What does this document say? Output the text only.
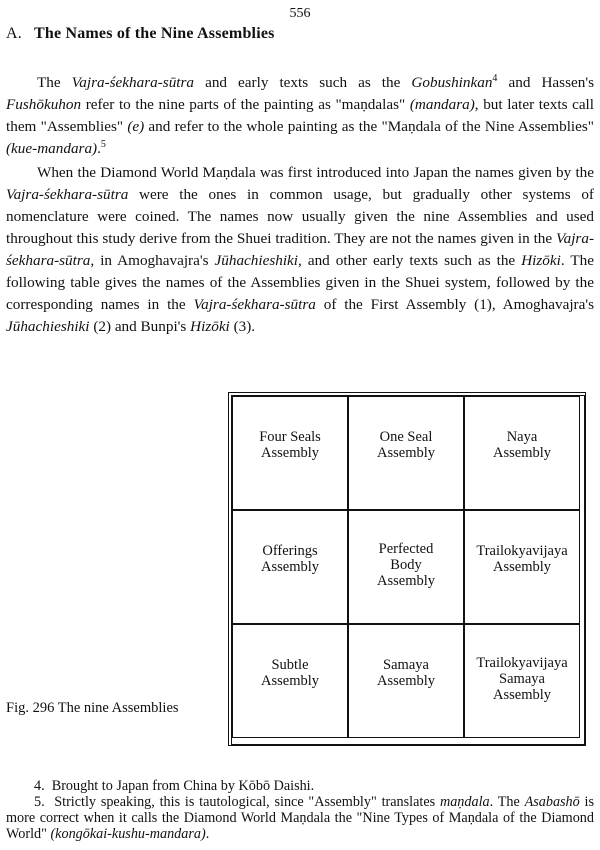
556
A. The Names of the Nine Assemblies

The Vajra-śekhara-sūtra and early texts such as the Gobushinkan$^4$ and Hassen's Fushōkuhon refer to the nine parts of the painting as "maṇdalas" (mandara), but later texts call them "Assemblies" (e) and refer to the whole painting as the "Maṇdala of the Nine Assemblies" (kue-mandara).$^5$

When the Diamond World Maṇdala was first introduced into Japan the names given by the Vajra-śekhara-sūtra were the ones in common usage, but gradually other systems of nomenclature were coined. The names now usually given the nine Assemblies and used throughout this study derive from the Shuei tradition. They are not the names given in the Vajra-śekhara-sūtra, in Amoghavajra's Jūhachieshiki, and other early texts such as the Hizōki. The following table gives the names of the Assemblies given in the Shuei system, followed by the corresponding names in the Vajra-śekhara-sūtra of the First Assembly (1), Amoghavajra's Jūhachieshiki (2) and Bunpi's Hizōki (3).

Four Seals
Assembly
One Seal
Assembly
Naya
Assembly
Offerings
Assembly
Perfected
Body
Assembly
Trailokyavijaya
Assembly
Subtle
Assembly
Samaya
Assembly
Trailokyavijaya
Samaya
Assembly
Fig. 296 The nine Assemblies

4. Brought to Japan from China by Kōbō Daishi.

5. Strictly speaking, this is tautological, since "Assembly" translates maṇdala. The Asabashō is more correct when it calls the Diamond World Maṇdala the "Nine Types of Maṇdala of the Diamond World" (kongōkai-kushu-mandara).
